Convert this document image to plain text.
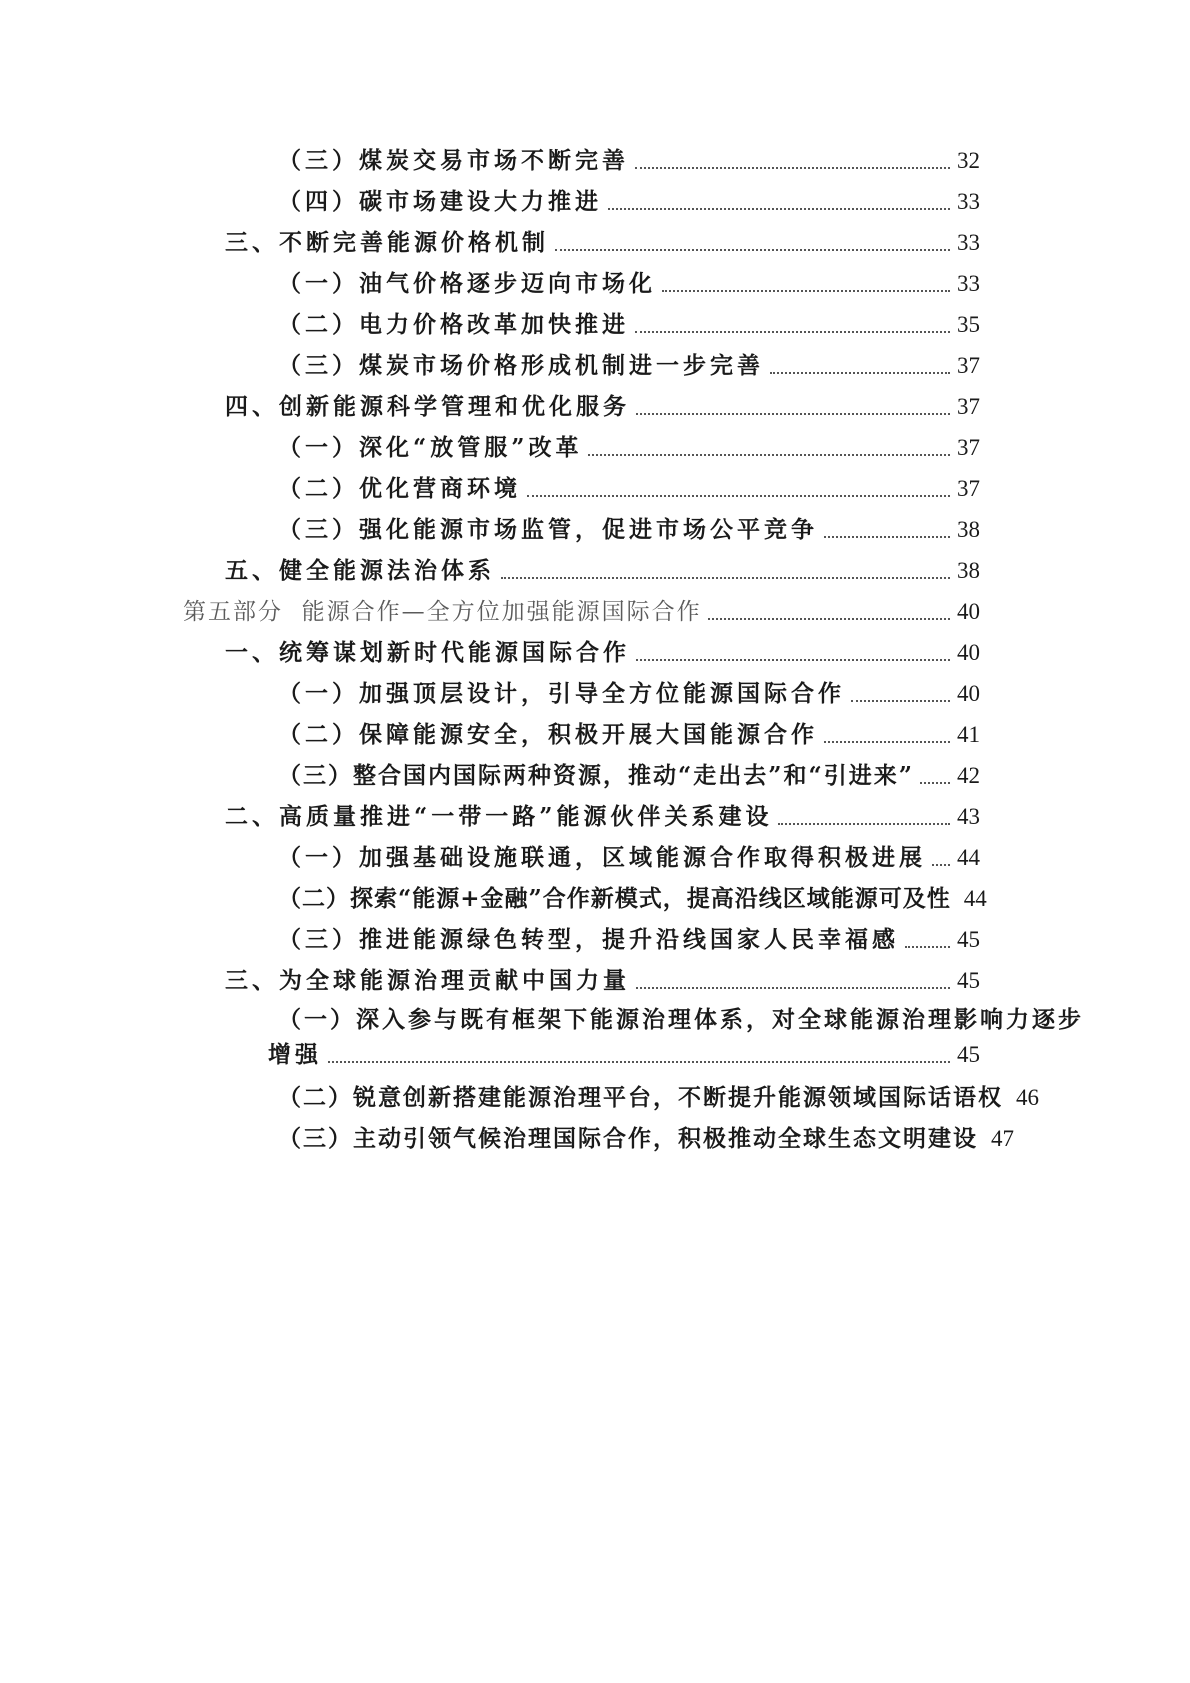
（三）煤炭交易市场不断完善	32
（四）碳市场建设大力推进	33
三、不断完善能源价格机制	33
（一）油气价格逐步迈向市场化	33
（二）电力价格改革加快推进	35
（三）煤炭市场价格形成机制进一步完善	37
四、创新能源科学管理和优化服务	37
（一）深化“放管服”改革	37
（二）优化营商环境	37
（三）强化能源市场监管，促进市场公平竞争	38
五、健全能源法治体系	38
第五部分  能源合作—全方位加强能源国际合作	40
一、统筹谋划新时代能源国际合作	40
（一）加强顶层设计，引导全方位能源国际合作	40
（二）保障能源安全，积极开展大国能源合作	41
（三）整合国内国际两种资源，推动“走出去”和“引进来” 42
二、高质量推进“一带一路”能源伙伴关系建设	43
（一）加强基础设施联通，区域能源合作取得积极进展 44
（二）探索“能源+金融”合作新模式，提高沿线区域能源可及性 44
（三）推进能源绿色转型，提升沿线国家人民幸福感	45
三、为全球能源治理贡献中国力量	45
（一）深入参与既有框架下能源治理体系，对全球能源治理影响力逐步
增强	45
（二）锐意创新搭建能源治理平台，不断提升能源领域国际话语权 46
（三）主动引领气候治理国际合作，积极推动全球生态文明建设 47
